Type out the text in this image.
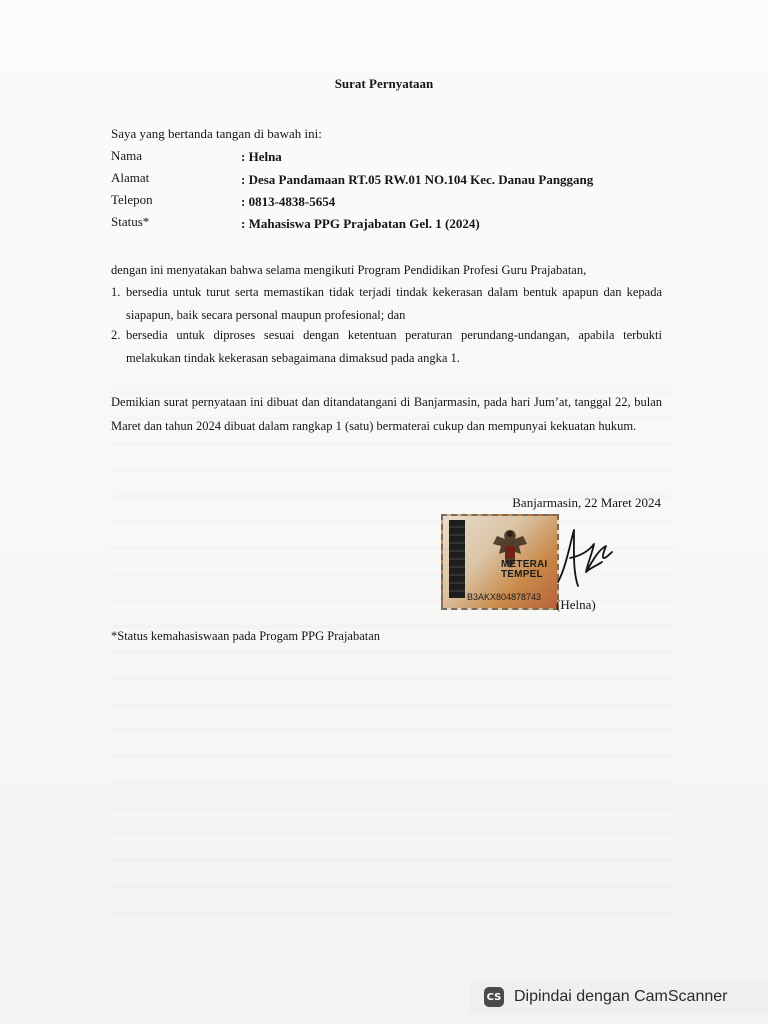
Surat Pernyataan
Saya yang bertanda tangan di bawah ini:
Nama	: Helna
Alamat	: Desa Pandamaan RT.05 RW.01 NO.104 Kec. Danau Panggang
Telepon	: 0813-4838-5654
Status*	: Mahasiswa PPG Prajabatan Gel. 1 (2024)
dengan ini menyatakan bahwa selama mengikuti Program Pendidikan Profesi Guru Prajabatan,
1. bersedia untuk turut serta memastikan tidak terjadi tindak kekerasan dalam bentuk apapun dan kepada siapapun, baik secara personal maupun profesional; dan
2. bersedia untuk diproses sesuai dengan ketentuan peraturan perundang-undangan, apabila terbukti melakukan tindak kekerasan sebagaimana dimaksud pada angka 1.
Demikian surat pernyataan ini dibuat dan ditandatangani di Banjarmasin, pada hari Jum’at, tanggal 22, bulan Maret dan tahun 2024 dibuat dalam rangkap 1 (satu) bermaterai cukup dan mempunyai kekuatan hukum.
Banjarmasin, 22 Maret 2024
METERAI
TEMPEL
B3AKX804878743 (Helna)
*Status kemahasiswaan pada Progam PPG Prajabatan
CS Dipindai dengan CamScanner
